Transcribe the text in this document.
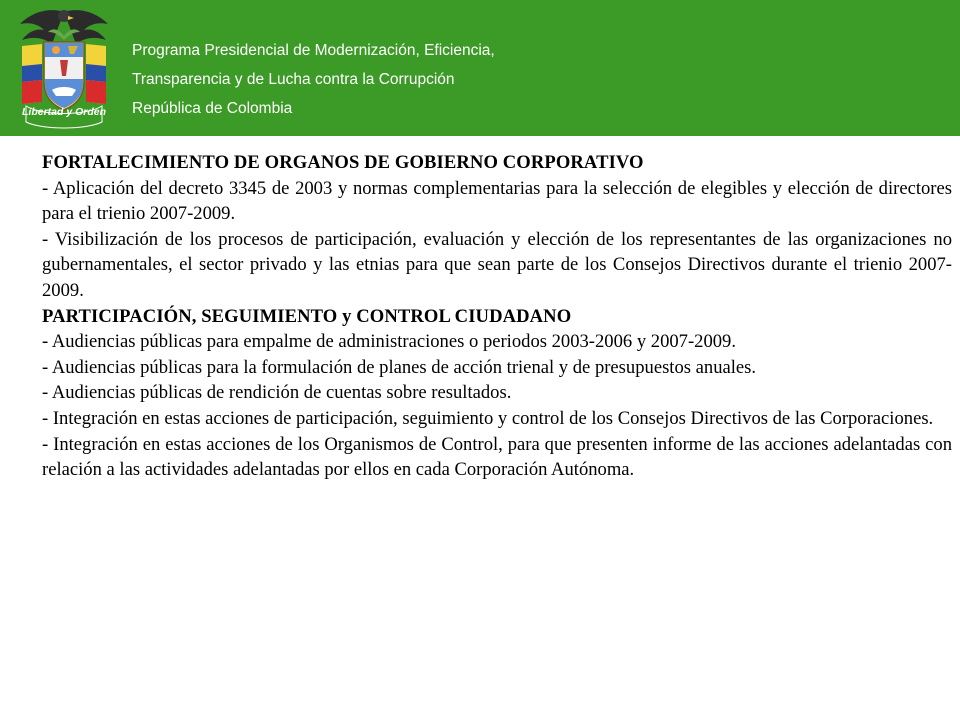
Libertad y Orden
Programa Presidencial de Modernización, Eficiencia,
Transparencia y de Lucha contra la Corrupción
República de Colombia

FORTALECIMIENTO DE ORGANOS DE GOBIERNO CORPORATIVO

- Aplicación del decreto 3345 de 2003 y normas complementarias para la selección de elegibles y elección de directores para el trienio 2007-2009.

- Visibilización de los procesos de participación, evaluación y elección de los representantes de las organizaciones no gubernamentales, el sector privado y las etnias para que sean parte de los Consejos Directivos durante el trienio 2007-2009.

PARTICIPACIÓN, SEGUIMIENTO y CONTROL CIUDADANO

- Audiencias públicas para empalme de administraciones o periodos 2003-2006 y 2007-2009.

- Audiencias públicas para la formulación de planes de acción trienal y de presupuestos anuales.

- Audiencias públicas de rendición de cuentas sobre resultados.

- Integración en estas acciones de participación, seguimiento y control de los Consejos Directivos de las Corporaciones.

- Integración en estas acciones de los Organismos de Control, para que presenten informe de las acciones adelantadas con relación a las actividades adelantadas por ellos en cada Corporación Autónoma.
